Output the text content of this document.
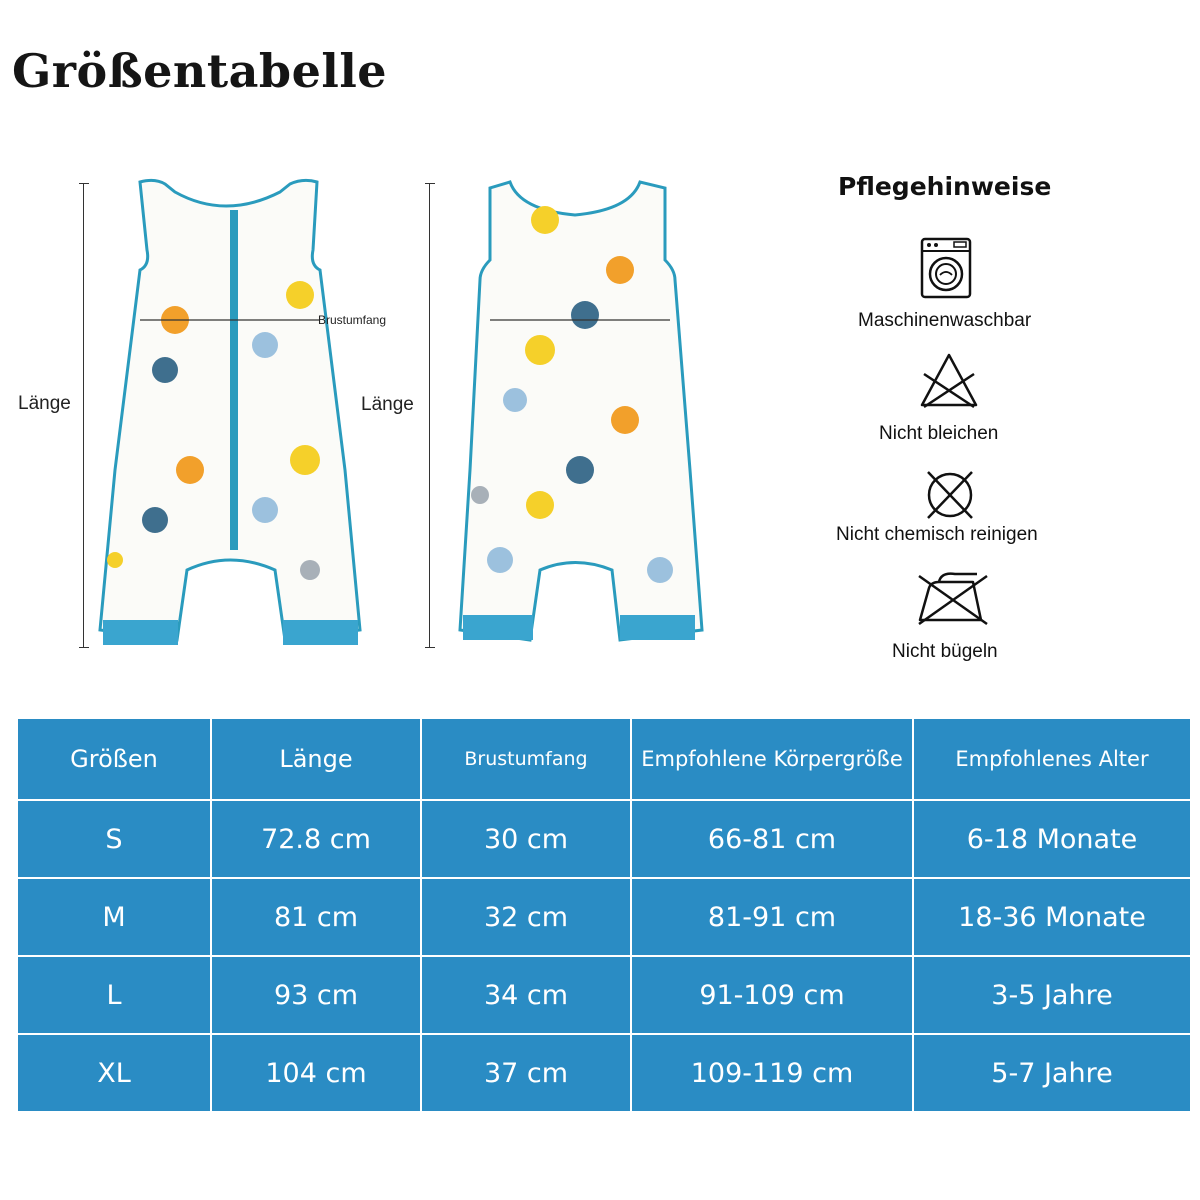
Größentabelle
Brustumfang
Länge	Länge
Pflegehinweise
Maschinenwaschbar
Nicht bleichen
Nicht chemisch reinigen
Nicht bügeln
Größen	Länge	Brustumfang	Empfohlene Körpergröße	Empfohlenes Alter
S	72.8 cm	30 cm	66-81 cm	6-18 Monate
M	81 cm	32 cm	81-91 cm	18-36 Monate
L	93 cm	34 cm	91-109 cm	3-5 Jahre
XL	104 cm	37 cm	109-119 cm	5-7 Jahre
